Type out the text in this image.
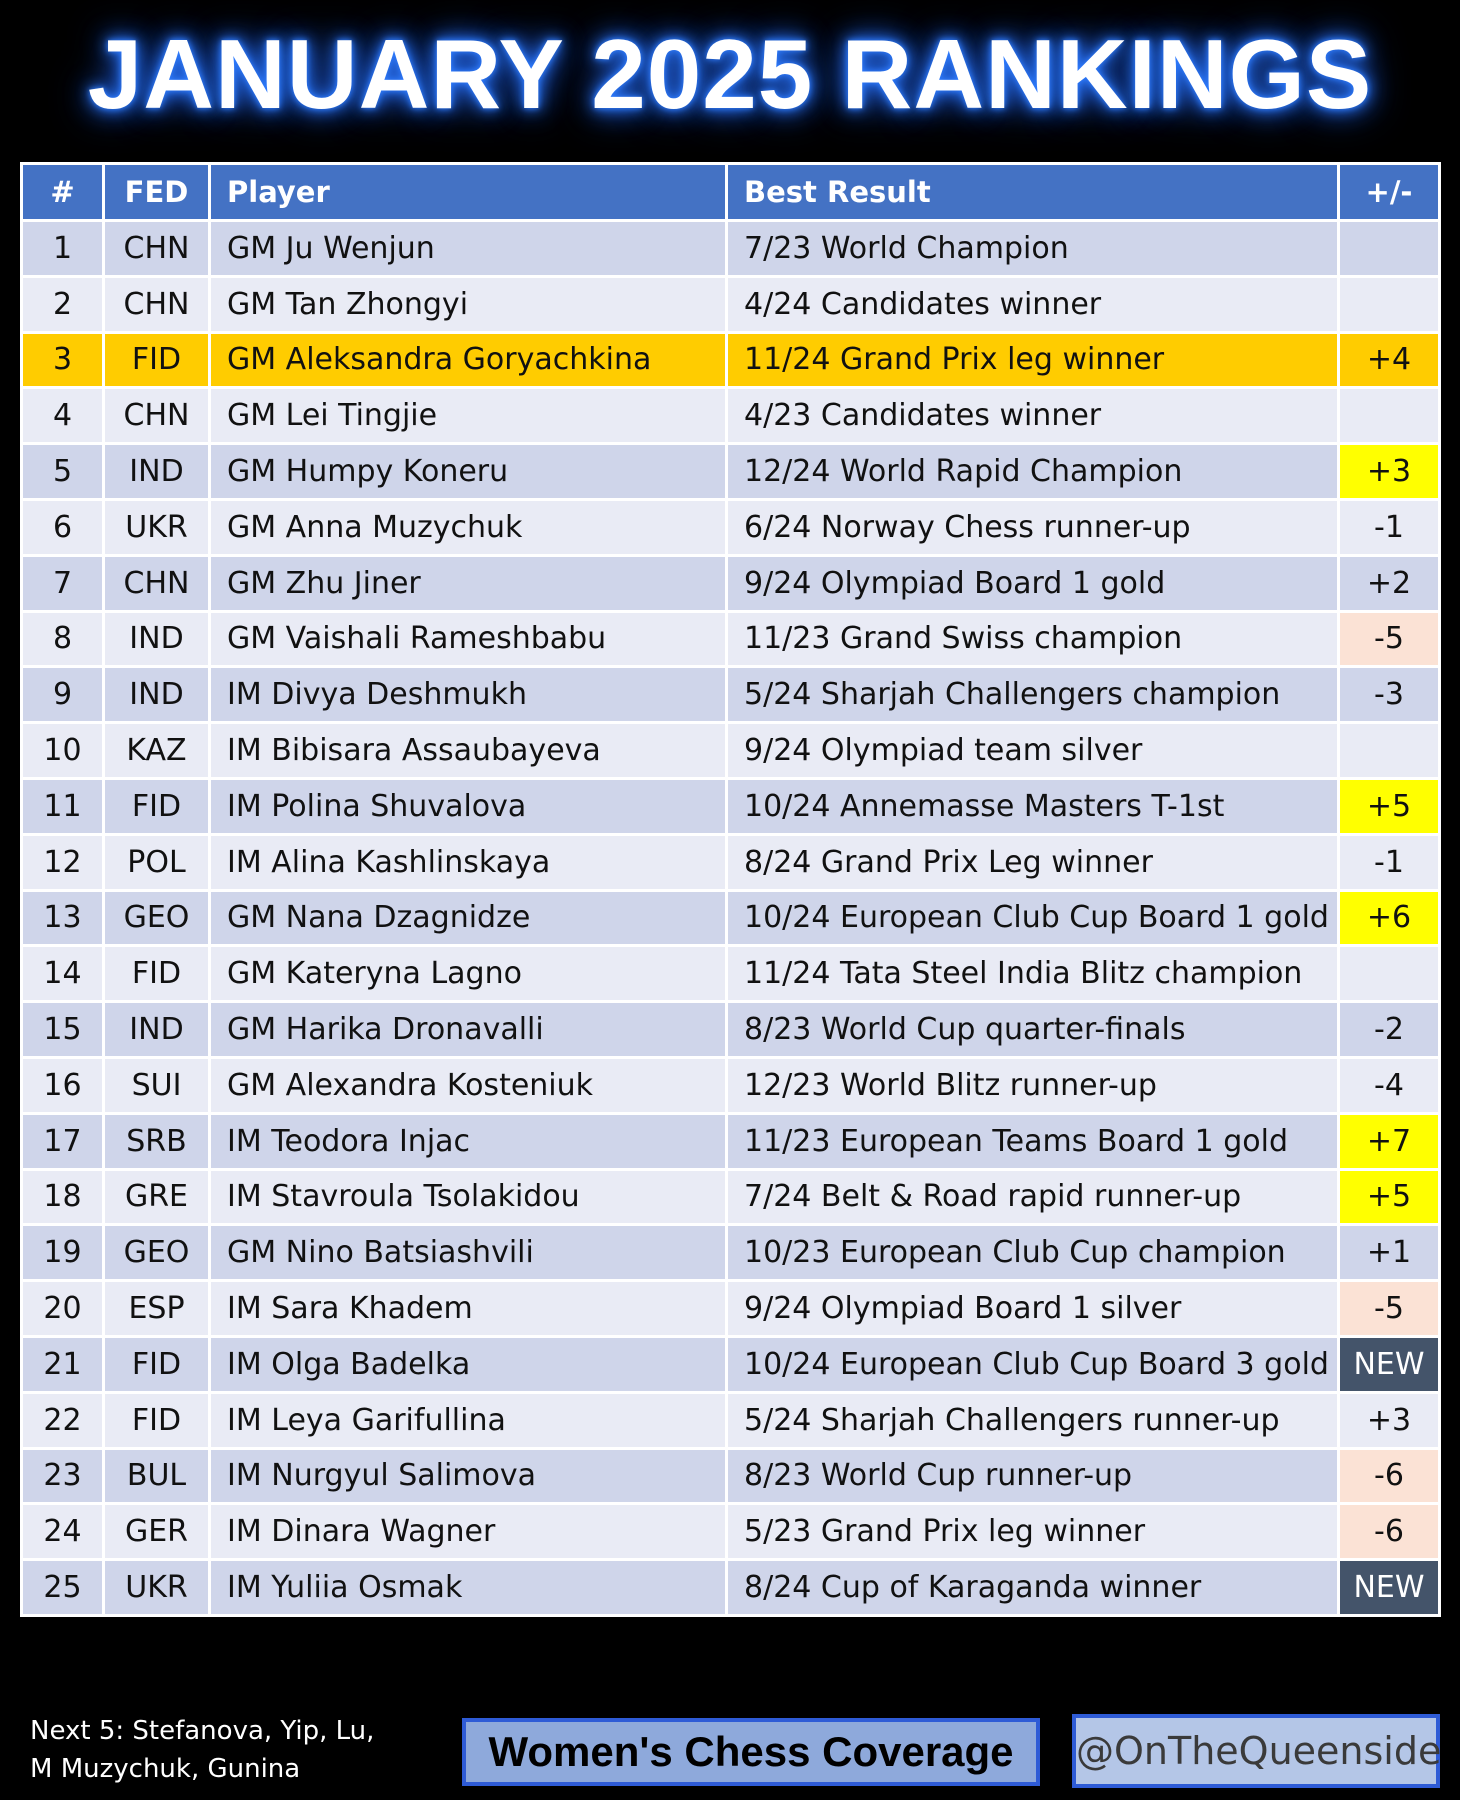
JANUARY 2025 RANKINGS
#	FED	Player	Best Result	+/-
1	CHN	GM Ju Wenjun	7/23 World Champion	
2	CHN	GM Tan Zhongyi	4/24 Candidates winner	
3	FID	GM Aleksandra Goryachkina	11/24 Grand Prix leg winner	+4
4	CHN	GM Lei Tingjie	4/23 Candidates winner	
5	IND	GM Humpy Koneru	12/24 World Rapid Champion	+3
6	UKR	GM Anna Muzychuk	6/24 Norway Chess runner-up	-1
7	CHN	GM Zhu Jiner	9/24 Olympiad Board 1 gold	+2
8	IND	GM Vaishali Rameshbabu	11/23 Grand Swiss champion	-5
9	IND	IM Divya Deshmukh	5/24 Sharjah Challengers champion	-3
10	KAZ	IM Bibisara Assaubayeva	9/24 Olympiad team silver	
11	FID	IM Polina Shuvalova	10/24 Annemasse Masters T-1st	+5
12	POL	IM Alina Kashlinskaya	8/24 Grand Prix Leg winner	-1
13	GEO	GM Nana Dzagnidze	10/24 European Club Cup Board 1 gold	+6
14	FID	GM Kateryna Lagno	11/24 Tata Steel India Blitz champion	
15	IND	GM Harika Dronavalli	8/23 World Cup quarter-finals	-2
16	SUI	GM Alexandra Kosteniuk	12/23 World Blitz runner-up	-4
17	SRB	IM Teodora Injac	11/23 European Teams Board 1 gold	+7
18	GRE	IM Stavroula Tsolakidou	7/24 Belt & Road rapid runner-up	+5
19	GEO	GM Nino Batsiashvili	10/23 European Club Cup champion	+1
20	ESP	IM Sara Khadem	9/24 Olympiad Board 1 silver	-5
21	FID	IM Olga Badelka	10/24 European Club Cup Board 3 gold	NEW
22	FID	IM Leya Garifullina	5/24 Sharjah Challengers runner-up	+3
23	BUL	IM Nurgyul Salimova	8/23 World Cup runner-up	-6
24	GER	IM Dinara Wagner	5/23 Grand Prix leg winner	-6
25	UKR	IM Yuliia Osmak	8/24 Cup of Karaganda winner	NEW
Next 5: Stefanova, Yip, Lu,
M Muzychuk, Gunina	Women's Chess Coverage	@OnTheQueenside
